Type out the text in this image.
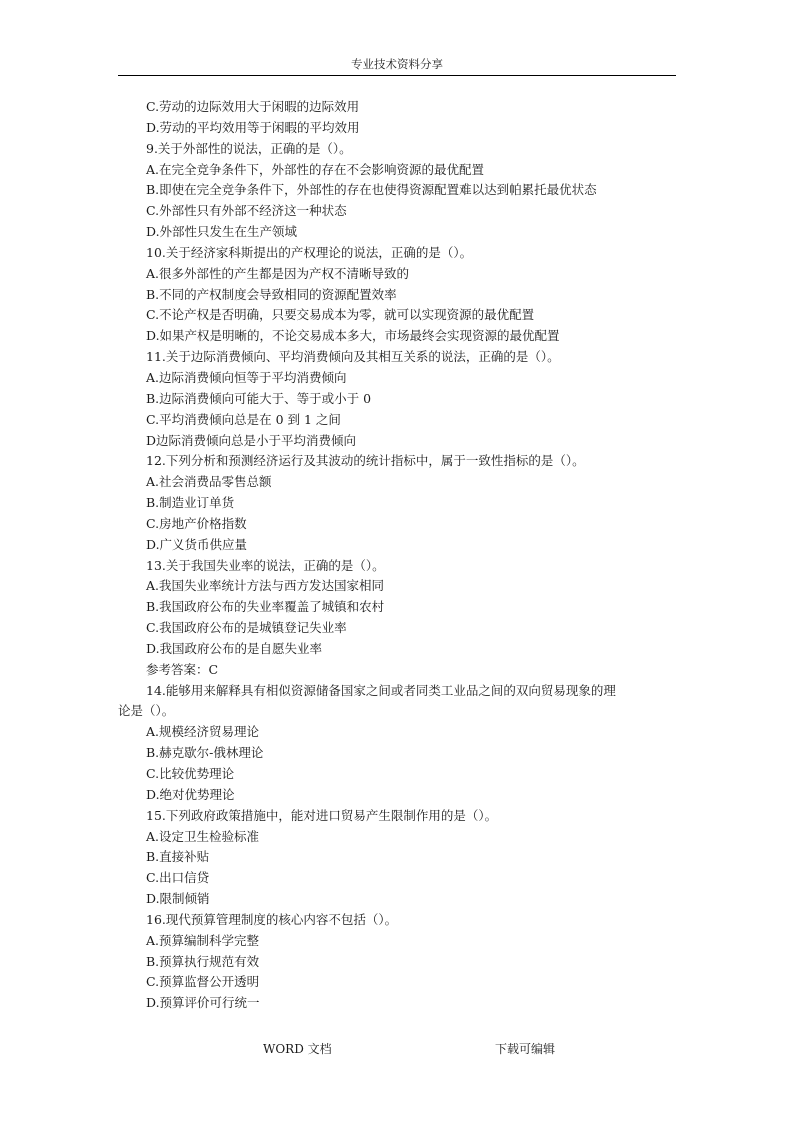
专业技术资料分享
C.劳动的边际效用大于闲暇的边际效用
D.劳动的平均效用等于闲暇的平均效用
9.关于外部性的说法，正确的是（）。
A.在完全竞争条件下，外部性的存在不会影响资源的最优配置
B.即使在完全竞争条件下，外部性的存在也使得资源配置难以达到帕累托最优状态
C.外部性只有外部不经济这一种状态
D.外部性只发生在生产领域
10.关于经济家科斯提出的产权理论的说法，正确的是（）。
A.很多外部性的产生都是因为产权不清晰导致的
B.不同的产权制度会导致相同的资源配置效率
C.不论产权是否明确，只要交易成本为零，就可以实现资源的最优配置
D.如果产权是明晰的，不论交易成本多大，市场最终会实现资源的最优配置
11.关于边际消费倾向、平均消费倾向及其相互关系的说法，正确的是（）。
A.边际消费倾向恒等于平均消费倾向
B.边际消费倾向可能大于、等于或小于 0
C.平均消费倾向总是在 0 到 1 之间
D边际消费倾向总是小于平均消费倾向
12.下列分析和预测经济运行及其波动的统计指标中，属于一致性指标的是（）。
A.社会消费品零售总额
B.制造业订单货
C.房地产价格指数
D.广义货币供应量
13.关于我国失业率的说法，正确的是（）。
A.我国失业率统计方法与西方发达国家相同
B.我国政府公布的失业率覆盖了城镇和农村
C.我国政府公布的是城镇登记失业率
D.我国政府公布的是自愿失业率
参考答案：C
14.能够用来解释具有相似资源储备国家之间或者同类工业品之间的双向贸易现象的理
论是（）。
A.规模经济贸易理论
B.赫克歇尔-俄林理论
C.比较优势理论
D.绝对优势理论
15.下列政府政策措施中，能对进口贸易产生限制作用的是（）。
A.设定卫生检验标准
B.直接补贴
C.出口信贷
D.限制倾销
16.现代预算管理制度的核心内容不包括（）。
A.预算编制科学完整
B.预算执行规范有效
C.预算监督公开透明
D.预算评价可行统一
WORD 文档	下载可编辑
